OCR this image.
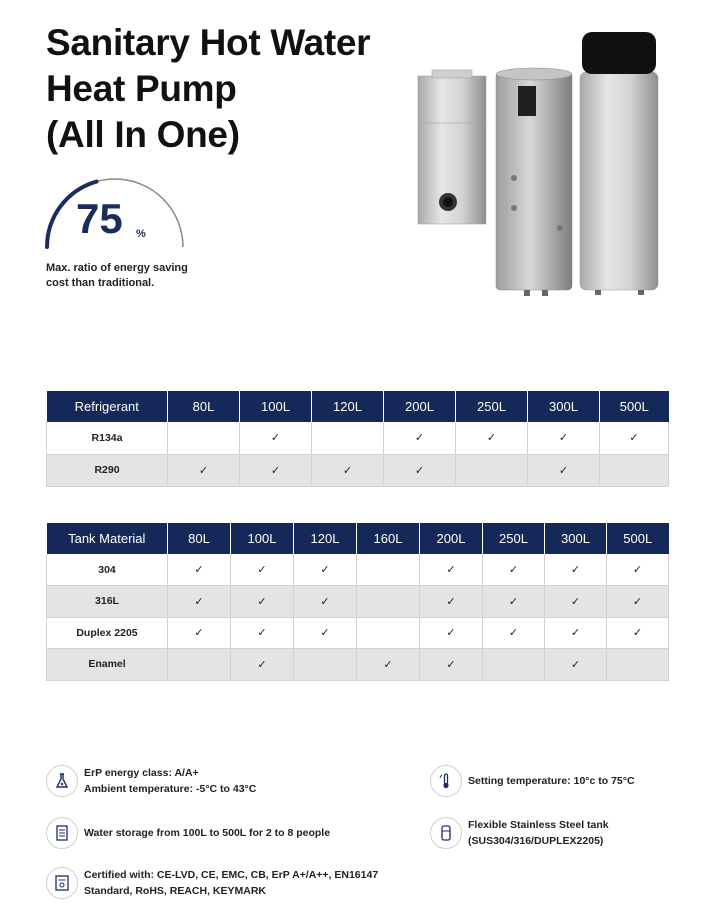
Sanitary Hot Water
Heat Pump
(All In One)
75 %
Max. ratio of energy saving
cost than traditional.
Refrigerant	80L	100L	120L	200L	250L	300L	500L
R134a		✓		✓	✓	✓	✓
R290	✓	✓	✓	✓		✓	
Tank Material	80L	100L	120L	160L	200L	250L	300L	500L
304	✓	✓	✓		✓	✓	✓	✓
316L	✓	✓	✓		✓	✓	✓	✓
Duplex 2205	✓	✓	✓		✓	✓	✓	✓
Enamel		✓		✓	✓		✓	
ErP energy class: A/A+
Ambient temperature: -5°C to 43°C
Setting temperature: 10°c to 75°C
Water storage from 100L to 500L for 2 to 8 people
Flexible Stainless Steel tank
(SUS304/316/DUPLEX2205)
Certified with: CE-LVD, CE, EMC, CB, ErP A+/A++, EN16147
Standard, RoHS, REACH, KEYMARK
